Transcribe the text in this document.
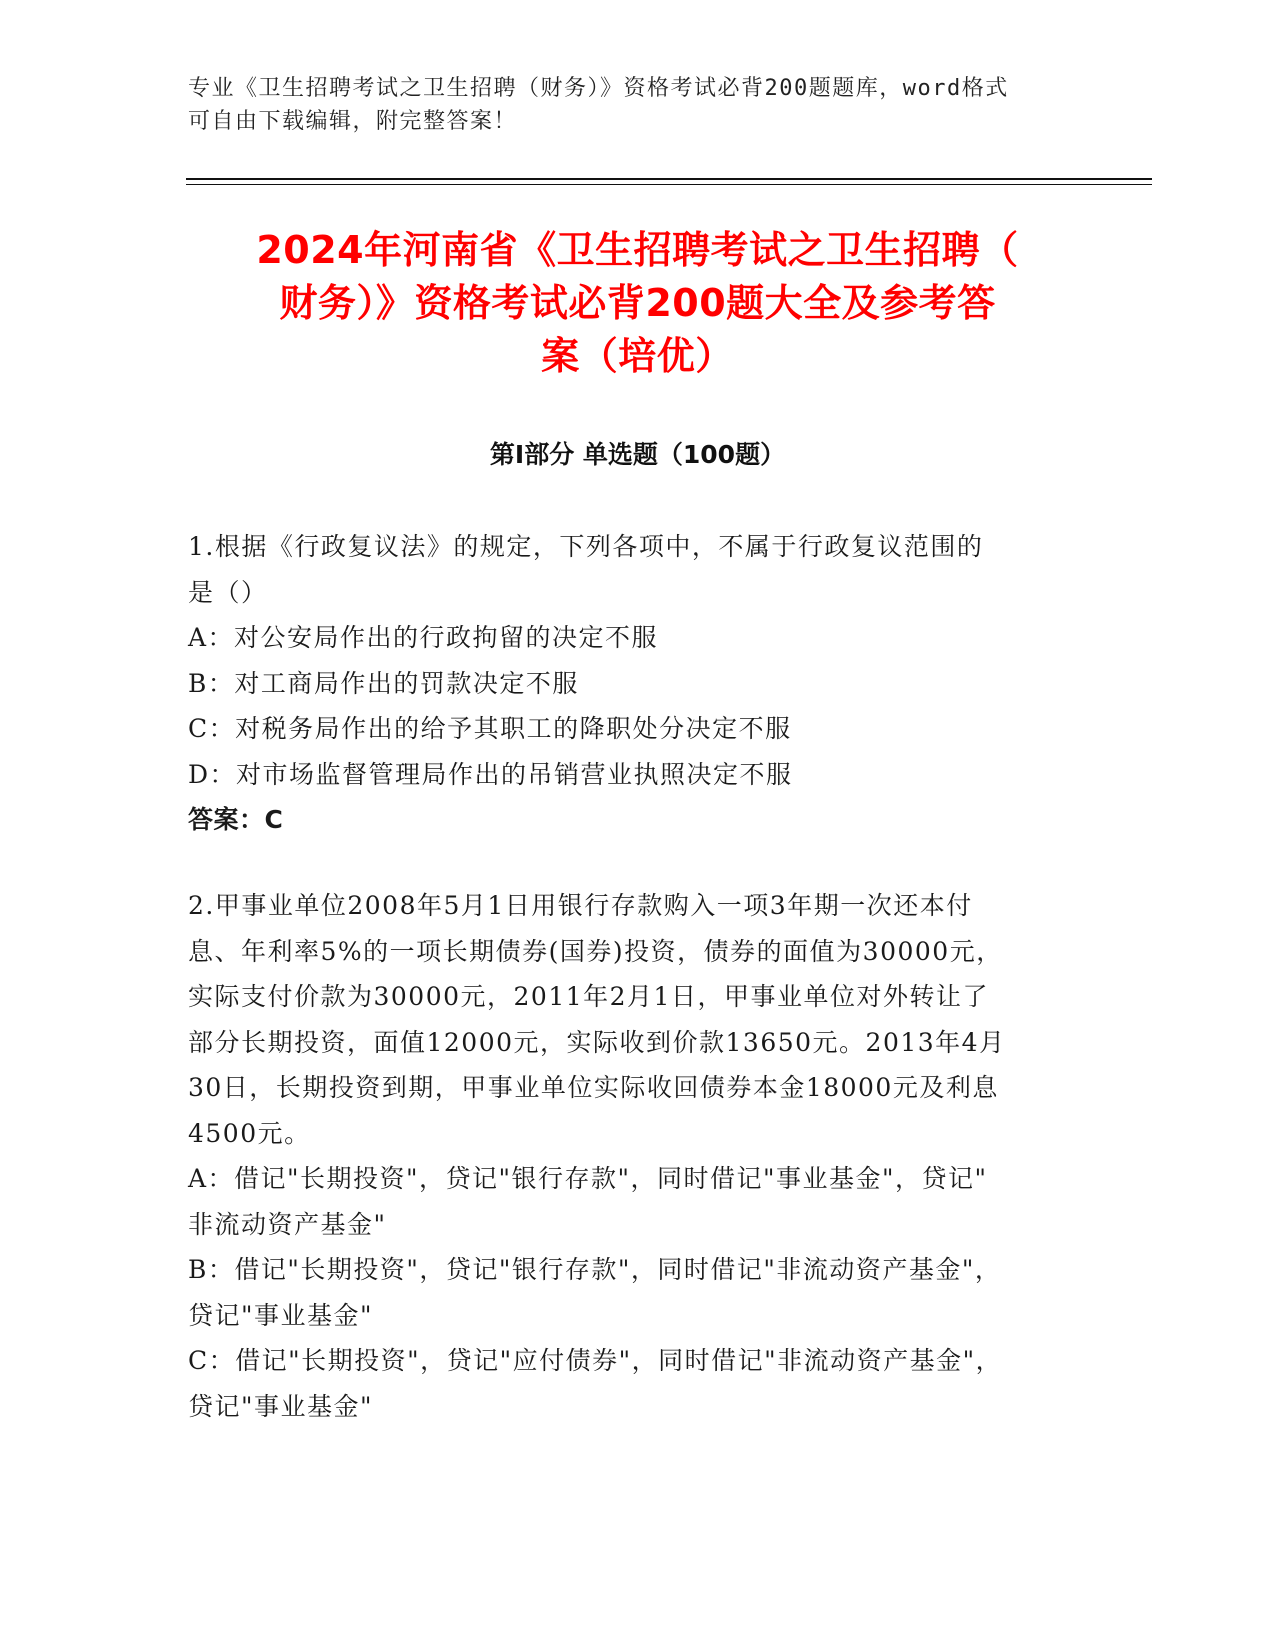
专业《卫生招聘考试之卫生招聘（财务）》资格考试必背200题题库，word格式
可自由下载编辑，附完整答案！
2024年河南省《卫生招聘考试之卫生招聘（
财务）》资格考试必背200题大全及参考答
案（培优）
第Ⅰ部分 单选题（100题）
1.根据《行政复议法》的规定，下列各项中，不属于行政复议范围的
是（）
A：对公安局作出的行政拘留的决定不服
B：对工商局作出的罚款决定不服
C：对税务局作出的给予其职工的降职处分决定不服
D：对市场监督管理局作出的吊销营业执照决定不服
答案：C
2.甲事业单位2008年5月1日用银行存款购入一项3年期一次还本付
息、年利率5%的一项长期债券(国券)投资，债券的面值为30000元，
实际支付价款为30000元，2011年2月1日，甲事业单位对外转让了
部分长期投资，面值12000元，实际收到价款13650元。2013年4月
30日，长期投资到期，甲事业单位实际收回债券本金18000元及利息
4500元。
A：借记"长期投资"，贷记"银行存款"，同时借记"事业基金"，贷记"
非流动资产基金"
B：借记"长期投资"，贷记"银行存款"，同时借记"非流动资产基金"，
贷记"事业基金"
C：借记"长期投资"，贷记"应付债券"，同时借记"非流动资产基金"，
贷记"事业基金"
